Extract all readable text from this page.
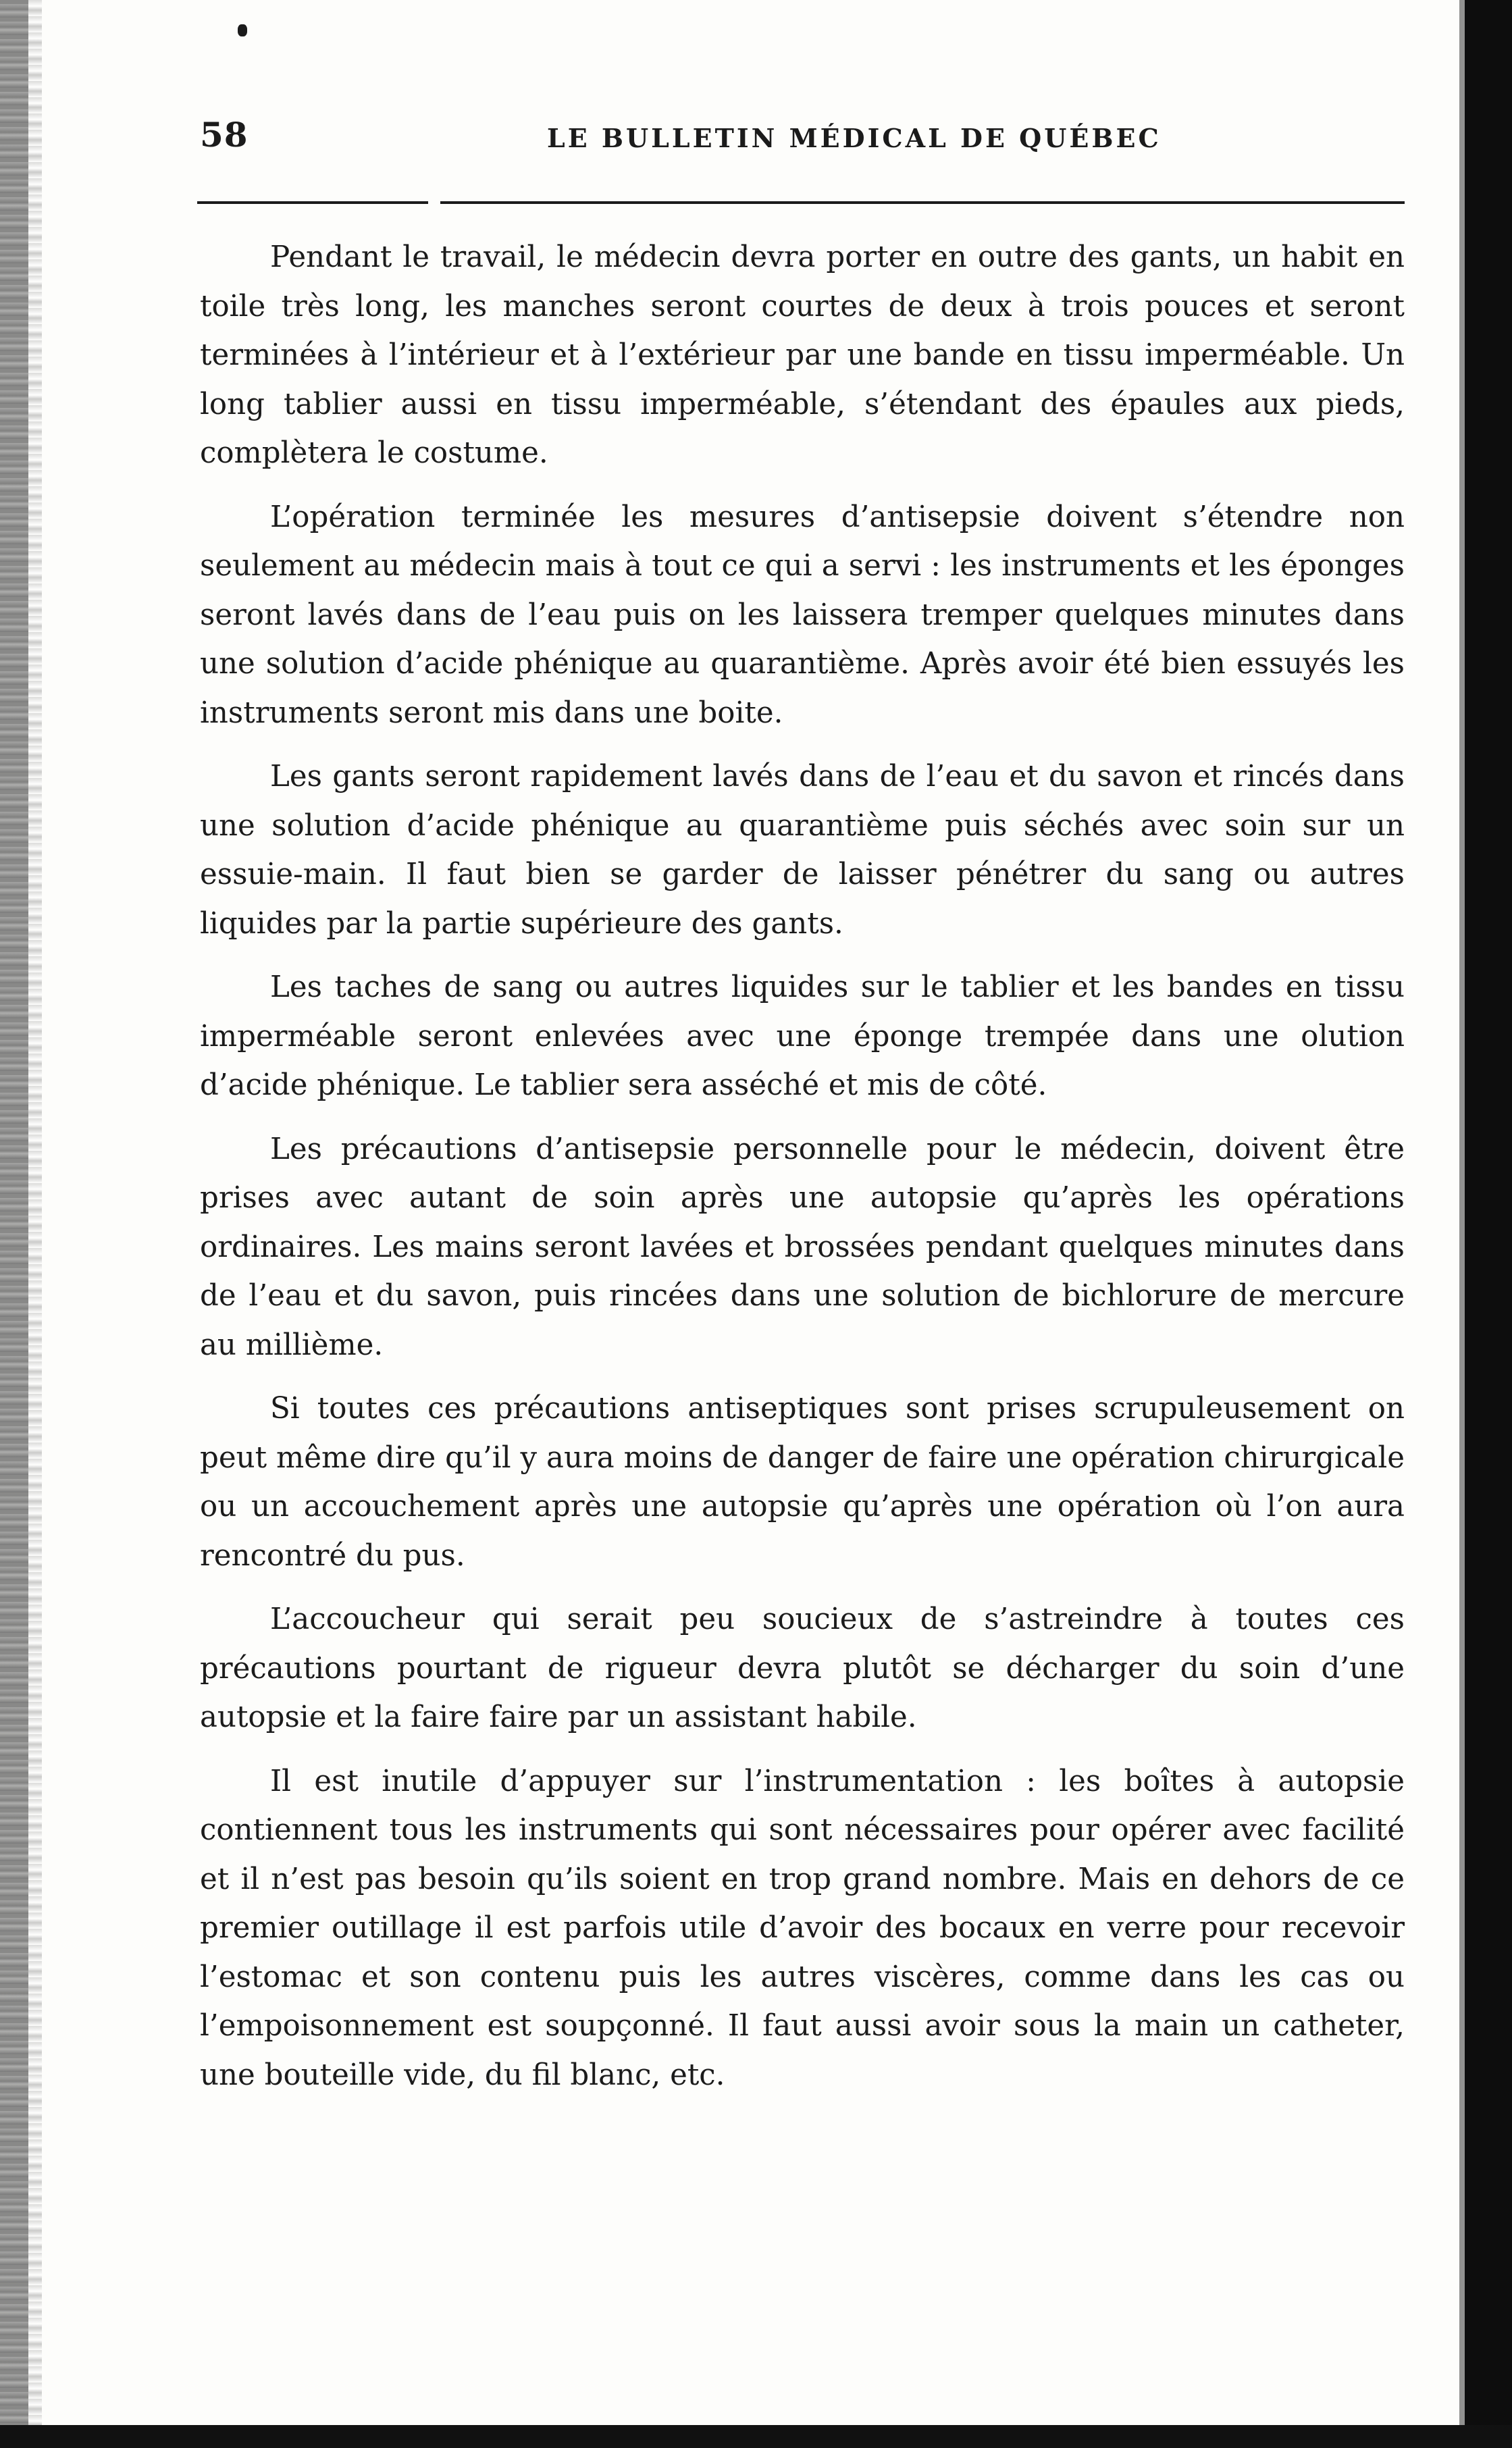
58	LE BULLETIN MÉDICAL DE QUÉBEC

Pendant le travail, le médecin devra porter en outre des gants, un habit en toile très long, les manches seront courtes de deux à trois pouces et seront terminées à l’intérieur et à l’extérieur par une bande en tissu imperméable. Un long tablier aussi en tissu imperméable, s’étendant des épaules aux pieds, complètera le costume.

L’opération terminée les mesures d’antisepsie doivent s’étendre non seulement au médecin mais à tout ce qui a servi : les instruments et les éponges seront lavés dans de l’eau puis on les laissera tremper quelques minutes dans une solution d’acide phénique au quarantième. Après avoir été bien essuyés les instruments seront mis dans une boite.

Les gants seront rapidement lavés dans de l’eau et du savon et rincés dans une solution d’acide phénique au quarantième puis séchés avec soin sur un essuie-main. Il faut bien se garder de laisser pénétrer du sang ou autres liquides par la partie supérieure des gants.

Les taches de sang ou autres liquides sur le tablier et les bandes en tissu imperméable seront enlevées avec une éponge trempée dans une olution d’acide phénique. Le tablier sera asséché et mis de côté.

Les précautions d’antisepsie personnelle pour le médecin, doivent être prises avec autant de soin après une autopsie qu’après les opérations ordinaires. Les mains seront lavées et brossées pendant quelques minutes dans de l’eau et du savon, puis rincées dans une solution de bichlorure de mercure au millième.

Si toutes ces précautions antiseptiques sont prises scrupuleusement on peut même dire qu’il y aura moins de danger de faire une opération chirurgicale ou un accouchement après une autopsie qu’après une opération où l’on aura rencontré du pus.

L’accoucheur qui serait peu soucieux de s’astreindre à toutes ces précautions pourtant de rigueur devra plutôt se décharger du soin d’une autopsie et la faire faire par un assistant habile.

Il est inutile d’appuyer sur l’instrumentation : les boîtes à autopsie contiennent tous les instruments qui sont nécessaires pour opérer avec facilité et il n’est pas besoin qu’ils soient en trop grand nombre. Mais en dehors de ce premier outillage il est parfois utile d’avoir des bocaux en verre pour recevoir l’estomac et son contenu puis les autres viscères, comme dans les cas ou l’empoisonnement est soupçonné. Il faut aussi avoir sous la main un catheter, une bouteille vide, du fil blanc, etc.
